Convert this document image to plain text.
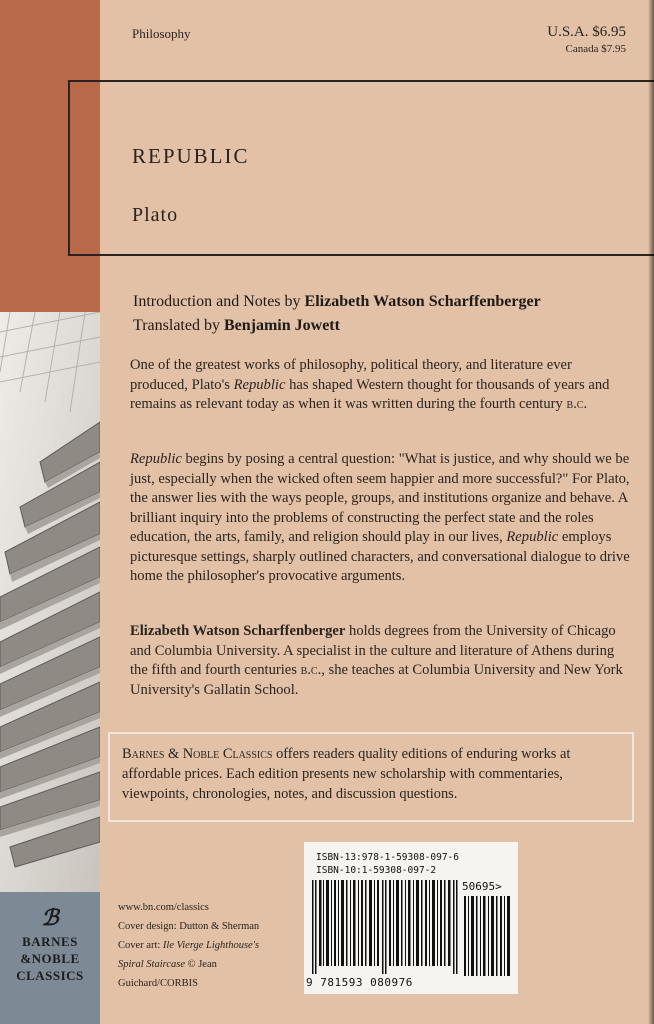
ℬ
BARNES
&NOBLE
CLASSICS
Philosophy	U.S.A. $6.95
Canada $7.95
REPUBLIC
Plato
Introduction and Notes by Elizabeth Watson Scharffenberger
Translated by Benjamin Jowett

One of the greatest works of philosophy, political theory, and literature ever produced, Plato's Republic has shaped Western thought for thousands of years and remains as relevant today as when it was written during the fourth century b.c.

Republic begins by posing a central question: "What is justice, and why should we be just, especially when the wicked often seem happier and more successful?" For Plato, the answer lies with the ways people, groups, and institutions organize and behave. A brilliant inquiry into the problems of constructing the perfect state and the roles education, the arts, family, and religion should play in our lives, Republic employs picturesque settings, sharply outlined characters, and conversational dialogue to drive home the philosopher's provocative arguments.

Elizabeth Watson Scharffenberger holds degrees from the University of Chicago and Columbia University. A specialist in the culture and literature of Athens during the fifth and fourth centuries b.c., she teaches at Columbia University and New York University's Gallatin School.

Barnes & Noble Classics offers readers quality editions of enduring works at affordable prices. Each edition presents new scholarship with commentaries, viewpoints, chronologies, notes, and discussion questions.
ISBN-13:978-1-59308-097-6
ISBN-10:1-59308-097-2
50695>
9 781593 080976
www.bn.com/classics
Cover design: Dutton & Sherman
Cover art: Ile Vierge Lighthouse's
Spiral Staircase © Jean
Guichard/CORBIS
